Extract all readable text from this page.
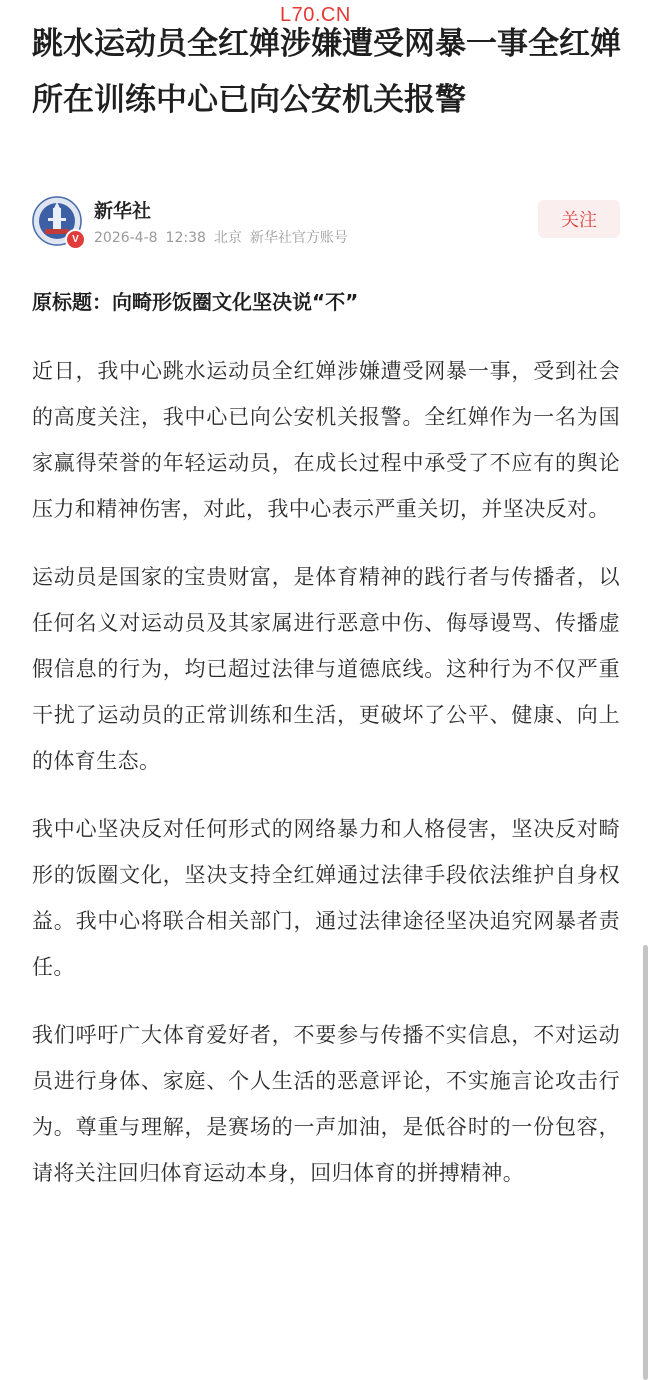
L70.CN
跳水运动员全红婵涉嫌遭受网暴一事全红婵所在训练中心已向公安机关报警
V
新华社
2026-4-8 12:38 北京 新华社官方账号
关注
原标题：向畸形饭圈文化坚决说“不”

近日，我中心跳水运动员全红婵涉嫌遭受网暴一事，受到社会的高度关注，我中心已向公安机关报警。全红婵作为一名为国家赢得荣誉的年轻运动员，在成长过程中承受了不应有的舆论压力和精神伤害，对此，我中心表示严重关切，并坚决反对。

运动员是国家的宝贵财富，是体育精神的践行者与传播者，以任何名义对运动员及其家属进行恶意中伤、侮辱谩骂、传播虚假信息的行为，均已超过法律与道德底线。这种行为不仅严重干扰了运动员的正常训练和生活，更破坏了公平、健康、向上的体育生态。

我中心坚决反对任何形式的网络暴力和人格侵害，坚决反对畸形的饭圈文化，坚决支持全红婵通过法律手段依法维护自身权益。我中心将联合相关部门，通过法律途径坚决追究网暴者责任。

我们呼吁广大体育爱好者，不要参与传播不实信息，不对运动员进行身体、家庭、个人生活的恶意评论，不实施言论攻击行为。尊重与理解，是赛场的一声加油，是低谷时的一份包容，请将关注回归体育运动本身，回归体育的拼搏精神。
